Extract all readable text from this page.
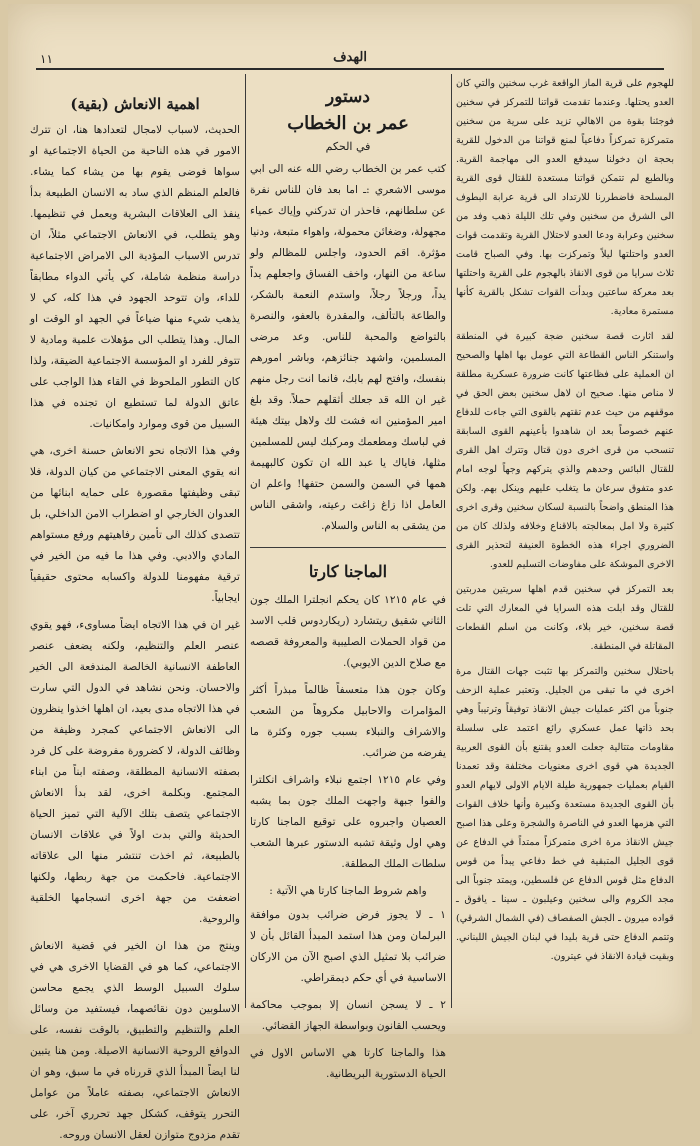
١١	الهدف

للهجوم على قرية الماز الواقعة غرب سخنين والتي كان العدو يحتلها. وعندما تقدمت قواتنا للتمركز في سخنين فوجئنا بقوة من الاهالي تزيد على سرية من سخنين متمركزة تمركزاً دفاعياً لمنع قواتنا من الدخول للقرية بحجة ان دخولنا سيدفع العدو الى مهاجمة القرية. وبالطبع لم تتمكن قواتنا مستعدة للقتال قوى القرية المسلحة فاضطررنا للارتداد الى قرية عرابة البطوف الى الشرق من سخنين وفي تلك الليلة ذهب وفد من سخنين وعرابة ودعا العدو لاحتلال القرية وتقدمت قوات العدو واحتلتها ليلاً وتمركزت بها. وفي الصباح قامت ثلاث سرايا من قوى الانقاذ بالهجوم على القرية واحتلتها بعد معركة ساعتين وبدأت القوات تشكل بالقرية كأنها مستمرة معادية.

لقد اثارت قصة سخنين ضجة كبيرة في المنطقة واستنكر الناس القطاعة التي عومل بها اهلها والصحيح ان العملية على فظاعتها كانت ضرورة عسكرية مطلقة لا مناص منها. صحيح ان لاهل سخنين بعض الحق في موقفهم من حيث عدم تقتهم بالقوى التي جاءت للدفاع عنهم خصوصاً بعد ان شاهدوا بأعينهم القوى السابقة تنسحب من قرى اخرى دون قتال وتترك اهل القرى للقتال البائس وحدهم والذي يتركهم وجهاً لوجه امام عدو متفوق سرعان ما يتغلب عليهم وينكل بهم. ولكن هذا المنطق واضحاً بالنسبة لسكان سخنين وقرى اخرى كثيرة ولا امل بمعالجته بالاقناع وخلافه ولذلك كان من الضروري اجراء هذه الخطوة العنيفة لتحذير القرى الاخرى الموشكة على مفاوضات التسليم للعدو.

بعد التمركز في سخنين قدم اهلها سريتين مدربتين للقتال وقد ابلت هذه السرايا في المعارك التي تلت قصة سخنين، خير بلاء، وكانت من اسلم القطعات المقاتلة في المنطقة.

باحتلال سخنين والتمركز بها تثبت جهات القتال مرة اخرى في ما تبقى من الجليل. وتعتبر عملية الزحف جنوباً من اكثر عمليات جيش الانقاذ توفيقاً وترتيباً وهي بحد ذاتها عمل عسكري رائع اعتمد على سلسلة مقاومات متتالية جعلت العدو يقتنع بأن القوى العربية الجديدة هي قوى اخرى معنويات مختلفة وقد تعمدنا القيام بعمليات جمهورية طيلة الايام الاولى لايهام العدو بأن القوى الجديدة مستعدة وكبيرة وأنها خلاف القوات التي هزمها العدو في الناصرة والشجرة وعلى هذا اصبح جيش الانقاذ مرة اخرى متمركزاً ممتداً في الدفاع عن قوى الجليل المتبقية في خط دفاعي يبدأ من قوس الدفاع مثل قوس الدفاع عن فلسطين، ويمتد جنوباً الى مجد الكروم والى سخنين وعيلبون ـ سينا ـ يافوق ـ قواده ميرون ـ الجش الصفصاف (في الشمال الشرقي) وتتمم الدفاع حتى قرية بليدا في لبنان الجيش اللبناني. وبقيت قيادة الانقاذ في عيترون.

دستور
عمر بن الخطاب
في الحكم

كتب عمر بن الخطاب رضي الله عنه الى ابي موسى الاشعري :ـ اما بعد فان للناس نفرة عن سلطانهم، فاحذر ان تدركني وإياك عمياء مجهولة، وضغائن محمولة، واهواء متبعة، ودنيا مؤثرة. اقم الحدود، واجلس للمظالم ولو ساعة من النهار، واخف الفساق واجعلهم يداً يداً، ورجلاً رجلاً، واستدم النعمة بالشكر، والطاعة بالتألف، والمقدرة بالعفو، والنصرة بالتواضع والمحبة للناس. وعد مرضى المسلمين، واشهد جنائزهم، وباشر امورهم بنفسك، وافتح لهم بابك، فانما انت رجل منهم غير ان الله قد جعلك أثقلهم حملاً. وقد بلغ امير المؤمنين انه فشت لك ولاهل بيتك هيئة في لباسك ومطعمك ومركبك ليس للمسلمين مثلها، فاياك يا عبد الله ان تكون كالبهيمة همها في السمن والسمن حتفها! واعلم ان العامل اذا زاغ زاغت رعيته، واشقى الناس من يشقى به الناس والسلام.

الماجنا كارتا

في عام ١٢١٥ كان يحكم انجلترا الملك جون الثاني شقيق ريتشارد (ريكاردوس قلب الاسد من قواد الحملات الصليبية والمعروفة قصصه مع صلاح الدين الايوبي).

وكان جون هذا متعسفاً ظالماً مبذراً أكثر المؤامرات والاحابيل مكروهاً من الشعب والاشراف والنبلاء بسبب جوره وكثرة ما يفرضه من ضرائب.

وفي عام ١٢١٥ اجتمع نبلاء واشراف انكلترا والفوا جبهة واجهت الملك جون بما يشبه العصيان واجبروه على توقيع الماجنا كارتا وهي اول وثيقة تشبه الدستور عبرها الشعب سلطات الملك المطلقة.

واهم شروط الماجنا كارتا هي الآتية :

١ ـ لا يجوز فرض ضرائب بدون موافقة البرلمان ومن هذا استمد المبدأ القائل بأن لا ضرائب بلا تمثيل الذي اصبح الآن من الاركان الاساسية في أي حكم ديمقراطي.

٢ ـ لا يسجن انسان إلا بموجب محاكمة ويحسب القانون وبواسطة الجهاز القضائي.

هذا والماجنا كارتا هي الاساس الاول في الحياة الدستورية البريطانية.

اهمية الانعاش (بقية)

الحديث، لاسباب لامجال لتعدادها هنا، ان تترك الامور في هذه الناحية من الحياة الاجتماعية او سواها فوضى يقوم بها من يشاء كما يشاء. فالعلم المنظم الذي ساد به الانسان الطبيعة بدأ ينفذ الى العلاقات البشرية ويعمل في تنظيمها. وهو يتطلب، في الانعاش الاجتماعي مثلاً، ان تدرس الاسباب المؤدية الى الامراض الاجتماعية دراسة منظمة شاملة، كي يأتي الدواء مطابقاً للداء، وان تتوحد الجهود في هذا كله، كي لا يذهب شيء منها ضياعاً في الجهد او الوقت او المال. وهذا يتطلب الى مؤهلات علمية ومادية لا تتوفر للفرد او المؤسسة الاجتماعية الضيقة، ولذا كان التطور الملحوظ في القاء هذا الواجب على عاتق الدولة لما تستطيع ان تجنده في هذا السبيل من قوى وموارد وامكانيات.

وفي هذا الاتجاه نحو الانعاش حسنة اخرى، هي انه يقوي المعنى الاجتماعي من كيان الدولة، فلا تبقى وظيفتها مقصورة على حمايه ابنائها من العدوان الخارجي او اضطراب الامن الداخلي، بل تتصدى كذلك الى تأمين رفاهيتهم ورفع مستواهم المادي والادبي. وفي هذا ما فيه من الخير في ترقية مفهومنا للدولة واكسابه محتوى حقيقياً ايجابياً.

غير ان في هذا الاتجاه ايضاً مساوىء، فهو يقوي عنصر العلم والتنظيم، ولكنه يضعف عنصر العاطفة الانسانية الخالصة المندفعة الى الخير والاحسان. ونحن نشاهد في الدول التي سارت في هذا الاتجاه مدى بعيد، ان اهلها اخذوا ينظرون الى الانعاش الاجتماعي كمجرد وظيفة من وظائف الدولة، لا كضرورة مفروضة على كل فرد بصفته الانسانية المطلقة، وصفته ابناً من ابناء المجتمع. وبكلمة اخرى، لقد بدأ الانعاش الاجتماعي يتصف بتلك الآلية التي تميز الحياة الحديثة والتي بدت اولاً في علاقات الانسان بالطبيعة، ثم اخذت تنتشر منها الى علاقاته الاجتماعية. فاحكمت من جهة ربطها، ولكنها اضعفت من جهة اخرى انسجامها الخلقية والروحية.

وينتج من هذا ان الخير في قضية الانعاش الاجتماعي، كما هو في القضايا الاخرى هي في سلوك السبيل الوسط الذي يجمع محاسن الاسلوبين دون نقائصهما، فيستفيد من وسائل العلم والتنظيم والتطبيق، بالوقت نفسه، على الدوافع الروحية الانسانية الاصيلة. ومن هنا يتبين لنا ايضاً المبدأ الذي قررناه في ما سبق، وهو ان الانعاش الاجتماعي، بصفته عاملاً من عوامل التحرر يتوقف، كشكل جهد تحرري آخر، على تقدم مزدوج متوازن لعقل الانسان وروحه.
